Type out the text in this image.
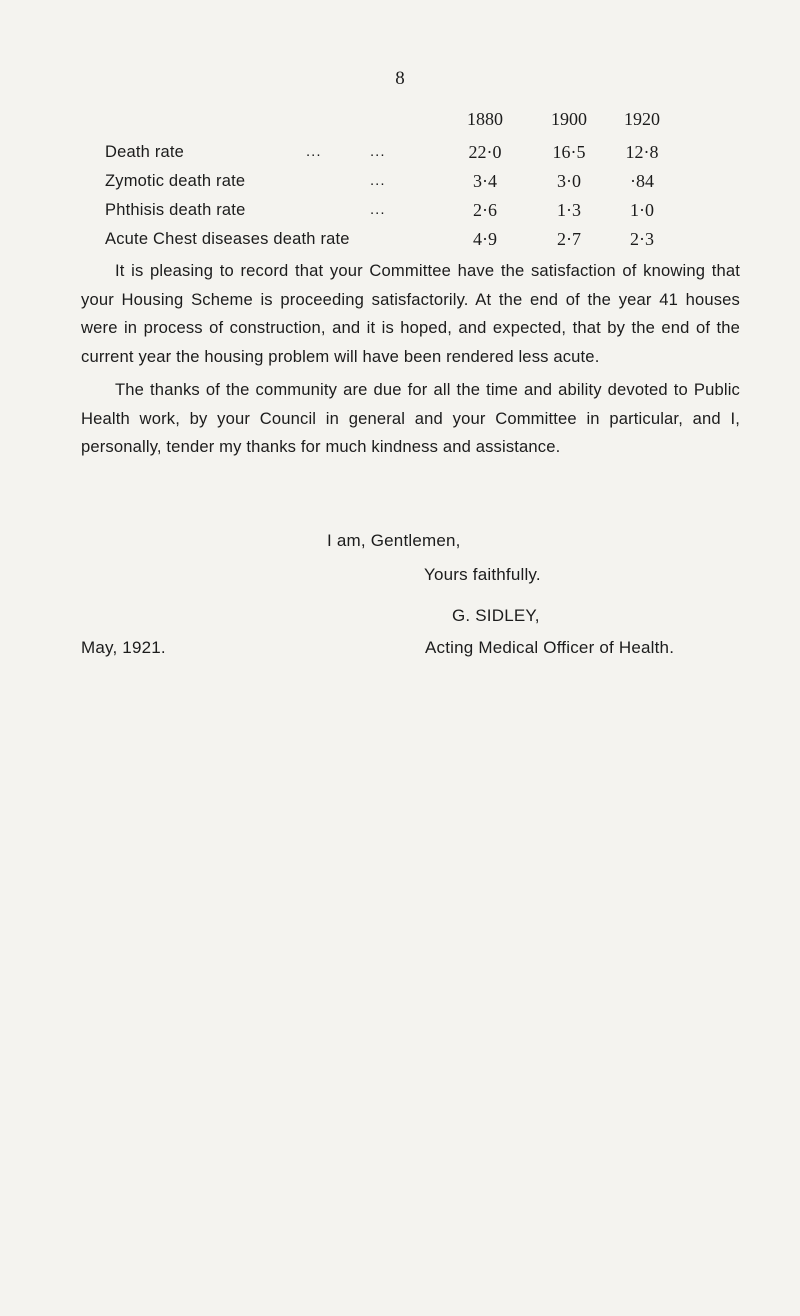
8
1880	1900 1920
Death rate	...	...	22·0	16·5 12·8
Zymotic death rate	...	3·4	3·0	·84
Phthisis death rate	...	2·6	1·3	1·0
Acute Chest diseases death rate	4·9	2·7	2·3

It is pleasing to record that your Committee have the satisfaction of knowing that your Housing Scheme is proceeding satisfactorily. At the end of the year 41 houses were in process of construction, and it is hoped, and expected, that by the end of the current year the housing problem will have been rendered less acute.

The thanks of the community are due for all the time and ability devoted to Public Health work, by your Council in general and your Committee in particular, and I, personally, tender my thanks for much kindness and assistance.

I am, Gentlemen,
Yours faithfully.
G. SIDLEY,
Acting Medical Officer of Health.
May, 1921.
